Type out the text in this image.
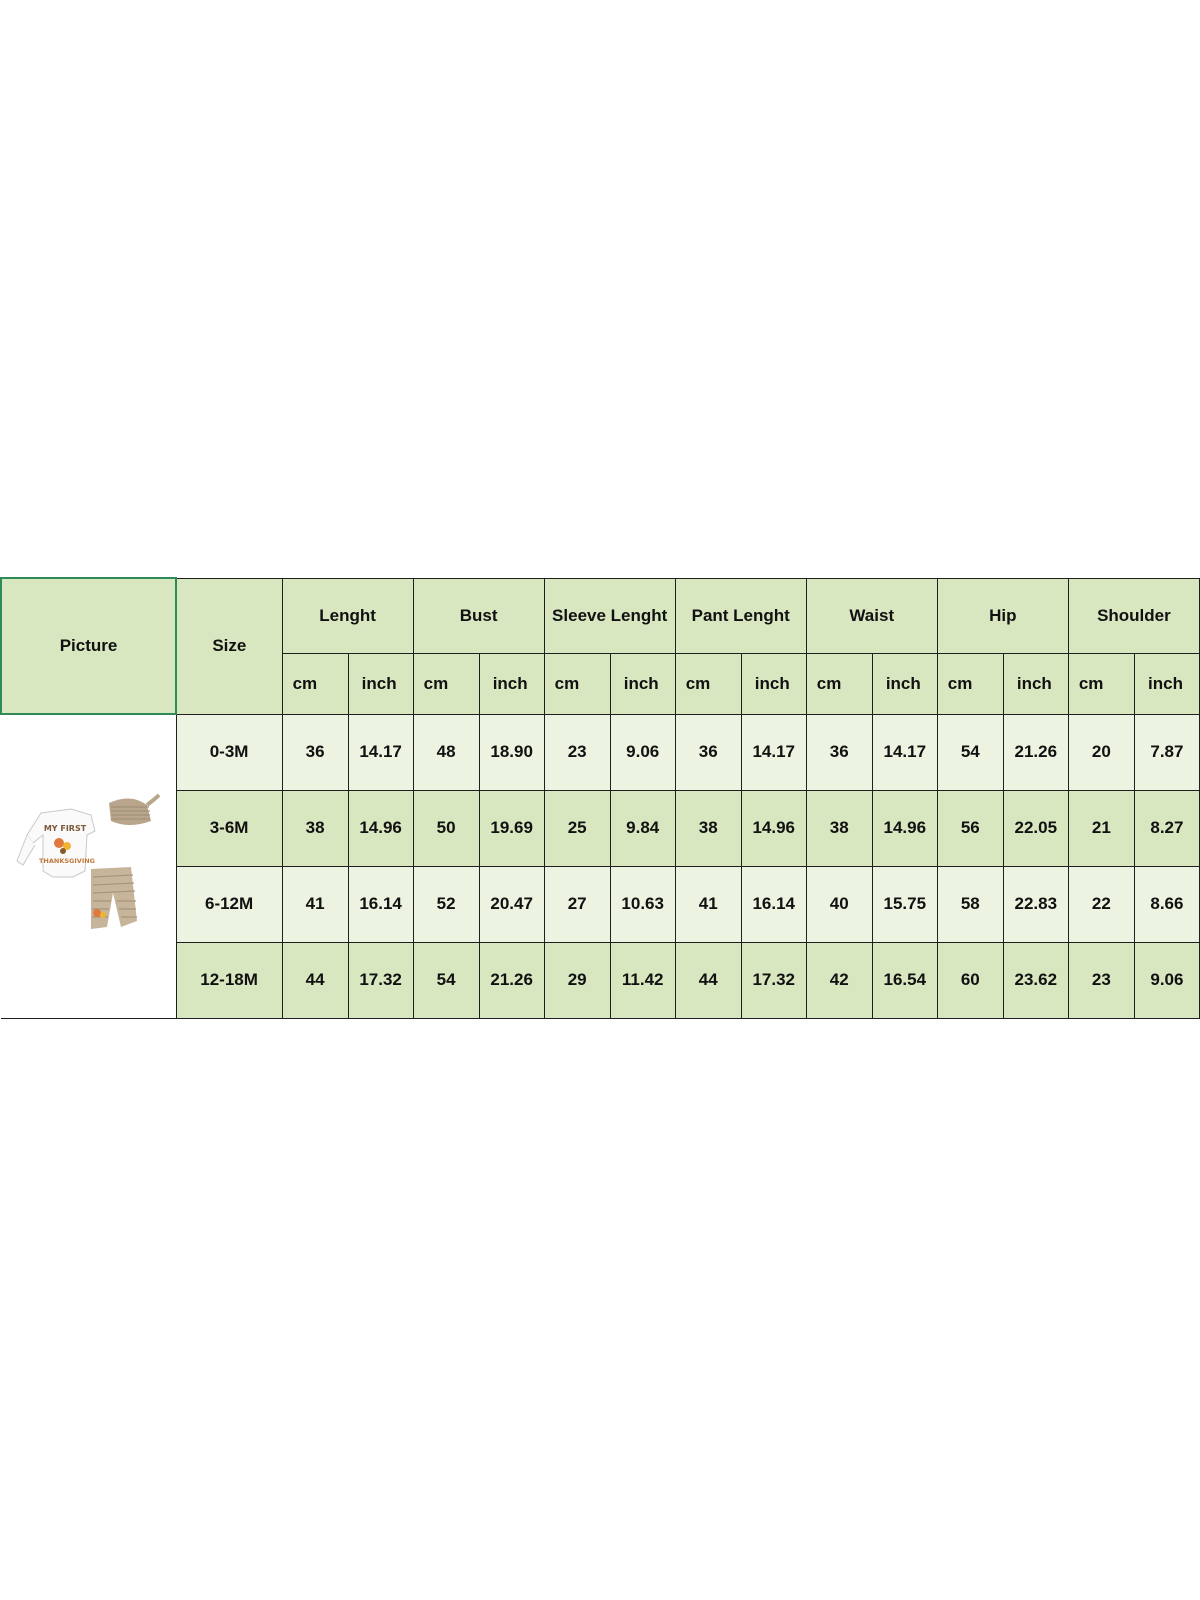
Picture	Size	Lenght		Bust		Sleeve Lenght		Pant Lenght		Waist		Hip		Shoulder	
		cm	inch	cm	inch	cm	inch	cm	inch	cm	inch	cm	inch	cm	inch

MY FIRST
THANKSGIVING	0-3M	36	14.17	48	18.90	23	9.06	36	14.17	36	14.17	54	21.26	20	7.87
	3-6M	38	14.96	50	19.69	25	9.84	38	14.96	38	14.96	56	22.05	21	8.27
	6-12M	41	16.14	52	20.47	27	10.63	41	16.14	40	15.75	58	22.83	22	8.66
	12-18M	44	17.32	54	21.26	29	11.42	44	17.32	42	16.54	60	23.62	23	9.06
